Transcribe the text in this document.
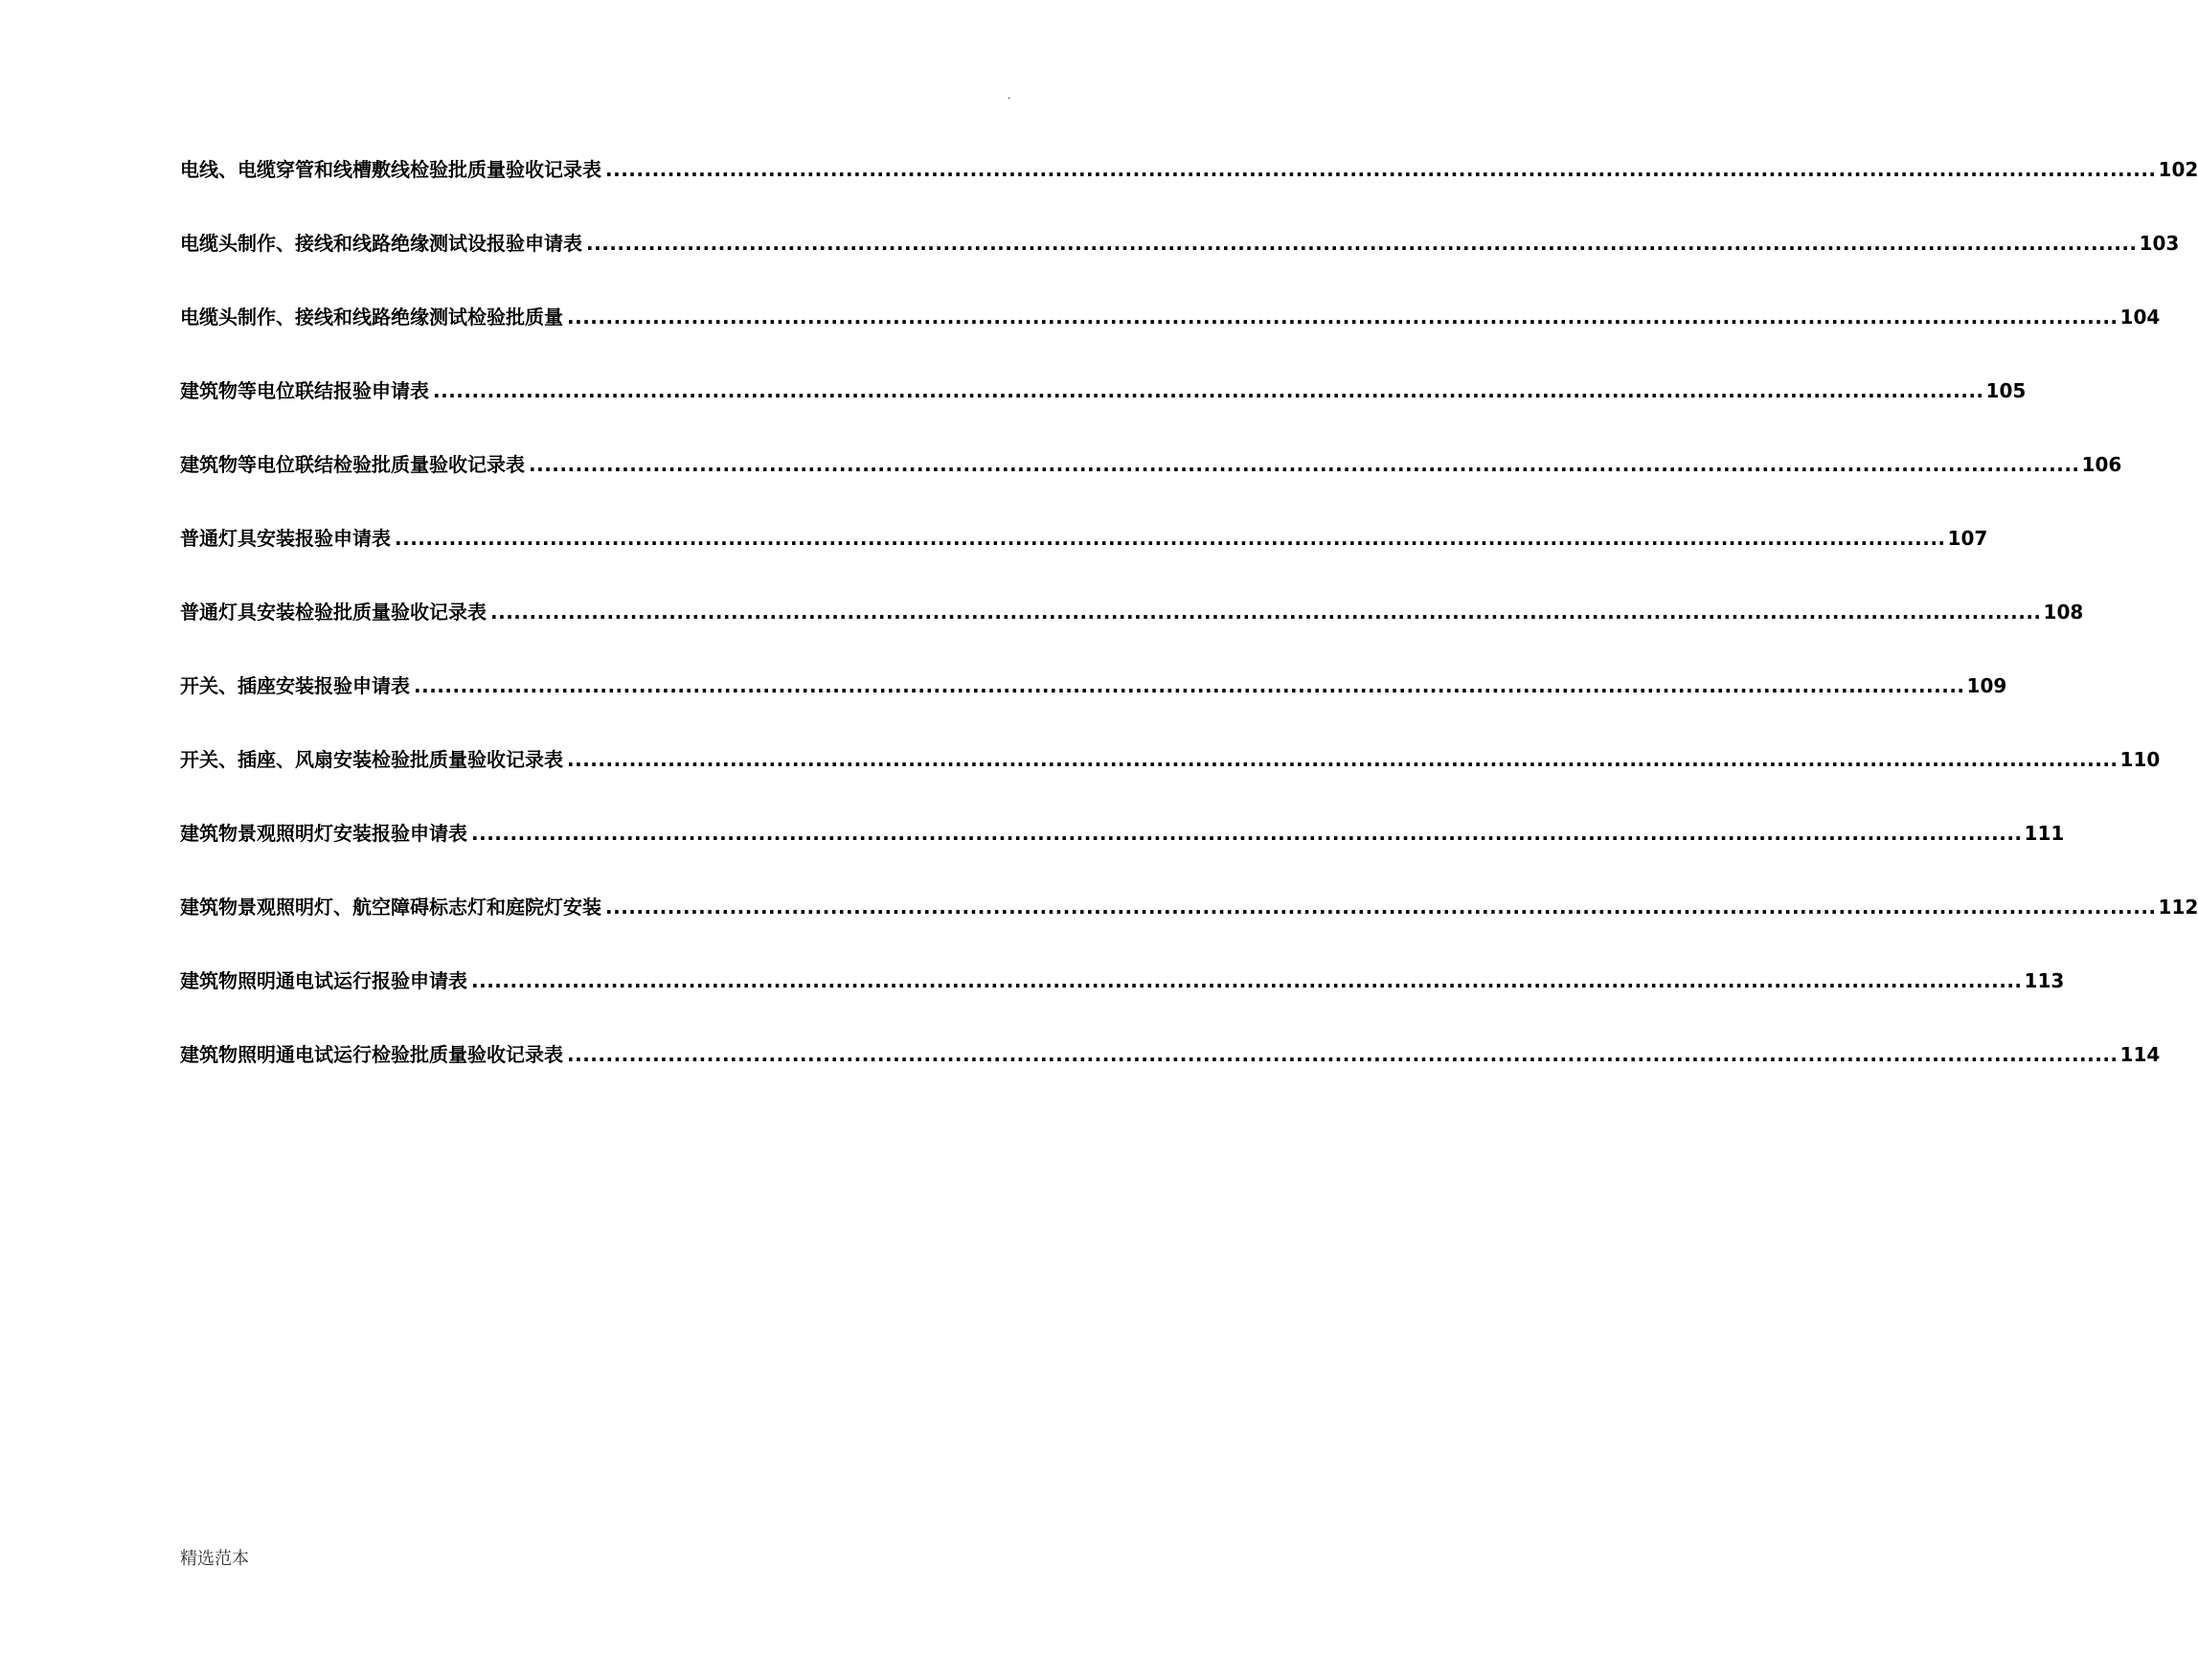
.
电线、电缆穿管和线槽敷线检验批质量验收记录表 ........................................................................................................................................................................................................ 102
电缆头制作、接线和线路绝缘测试设报验申请表 ........................................................................................................................................................................................................ 103
电缆头制作、接线和线路绝缘测试检验批质量 ........................................................................................................................................................................................................ 104
建筑物等电位联结报验申请表 ........................................................................................................................................................................................................ 105
建筑物等电位联结检验批质量验收记录表 ........................................................................................................................................................................................................ 106
普通灯具安装报验申请表 ........................................................................................................................................................................................................ 107
普通灯具安装检验批质量验收记录表 ........................................................................................................................................................................................................ 108
开关、插座安装报验申请表 ........................................................................................................................................................................................................ 109
开关、插座、风扇安装检验批质量验收记录表 ........................................................................................................................................................................................................ 110
建筑物景观照明灯安装报验申请表 ........................................................................................................................................................................................................ 111
建筑物景观照明灯、航空障碍标志灯和庭院灯安装 ........................................................................................................................................................................................................ 112
建筑物照明通电试运行报验申请表 ........................................................................................................................................................................................................ 113
建筑物照明通电试运行检验批质量验收记录表 ........................................................................................................................................................................................................ 114
精选范本
